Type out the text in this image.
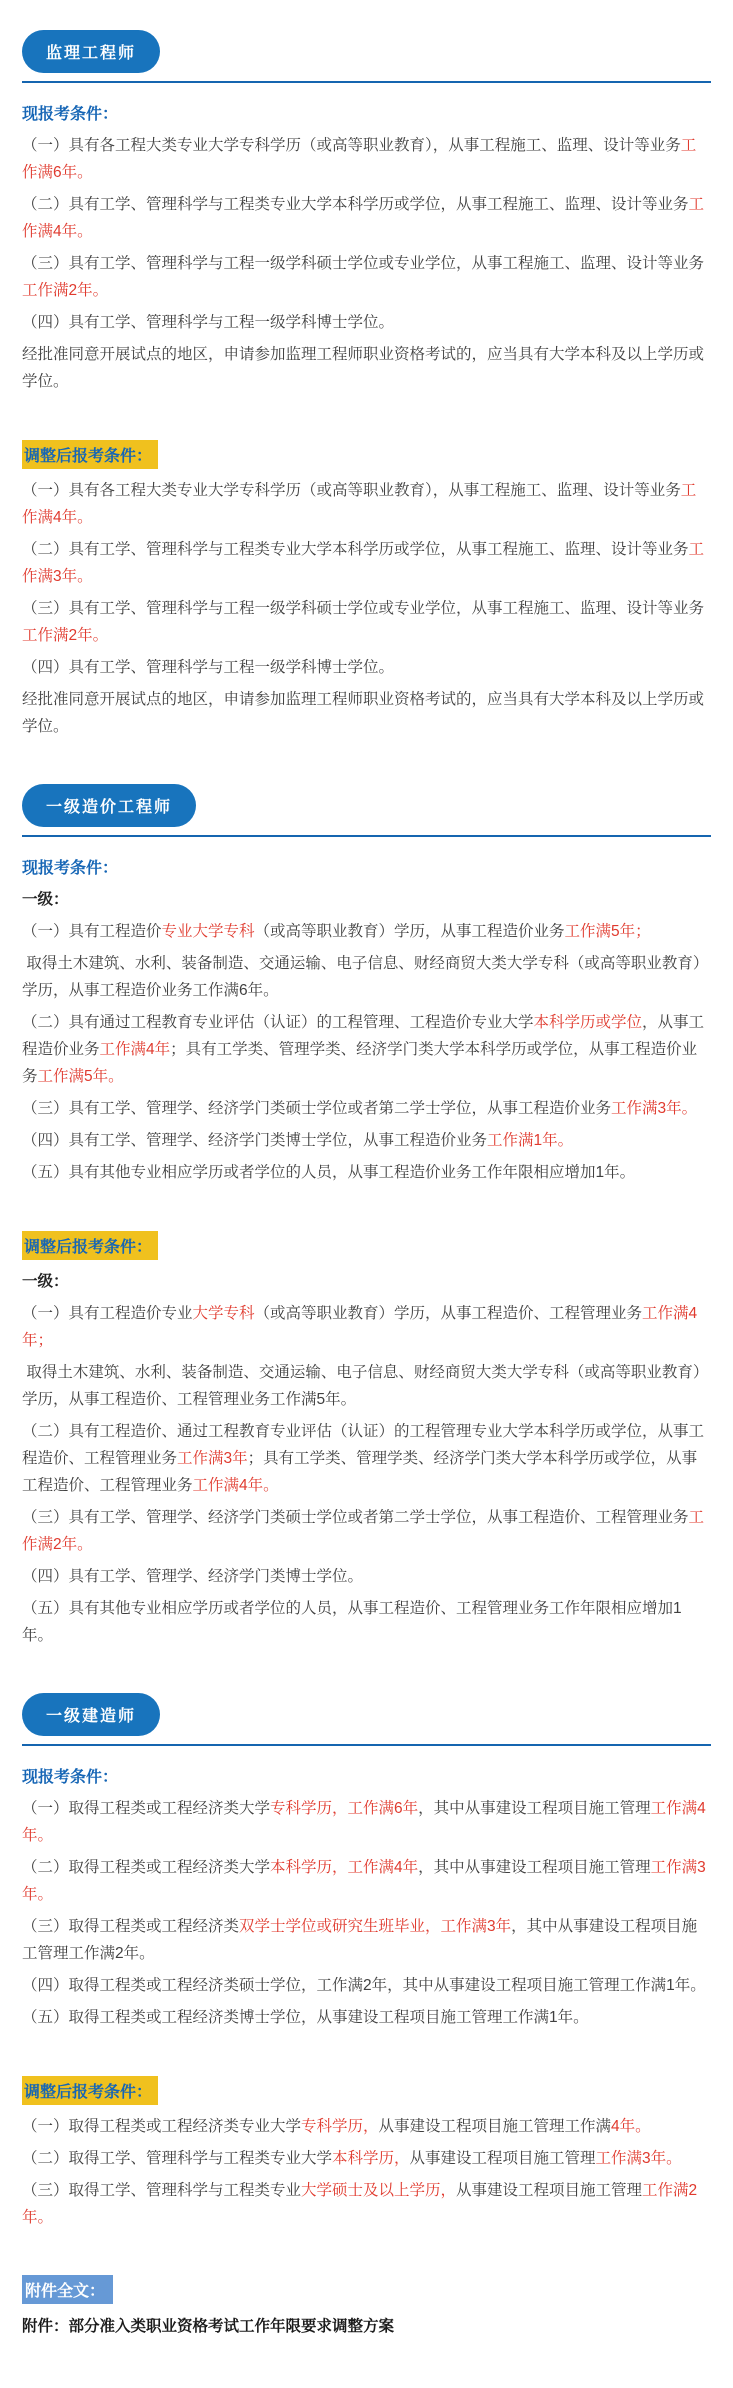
监理工程师
现报考条件：

（一）具有各工程大类专业大学专科学历（或高等职业教育），从事工程施工、监理、设计等业务工作满6年。

（二）具有工学、管理科学与工程类专业大学本科学历或学位，从事工程施工、监理、设计等业务工作满4年。

（三）具有工学、管理科学与工程一级学科硕士学位或专业学位，从事工程施工、监理、设计等业务工作满2年。

（四）具有工学、管理科学与工程一级学科博士学位。

经批准同意开展试点的地区，申请参加监理工程师职业资格考试的，应当具有大学本科及以上学历或学位。

调整后报考条件：

（一）具有各工程大类专业大学专科学历（或高等职业教育），从事工程施工、监理、设计等业务工作满4年。

（二）具有工学、管理科学与工程类专业大学本科学历或学位，从事工程施工、监理、设计等业务工作满3年。

（三）具有工学、管理科学与工程一级学科硕士学位或专业学位，从事工程施工、监理、设计等业务工作满2年。

（四）具有工学、管理科学与工程一级学科博士学位。

经批准同意开展试点的地区，申请参加监理工程师职业资格考试的，应当具有大学本科及以上学历或学位。

一级造价工程师
现报考条件：
一级：

（一）具有工程造价专业大学专科（或高等职业教育）学历，从事工程造价业务工作满5年；

取得土木建筑、水利、装备制造、交通运输、电子信息、财经商贸大类大学专科（或高等职业教育）学历，从事工程造价业务工作满6年。

（二）具有通过工程教育专业评估（认证）的工程管理、工程造价专业大学本科学历或学位，从事工程造价业务工作满4年；具有工学类、管理学类、经济学门类大学本科学历或学位，从事工程造价业务工作满5年。

（三）具有工学、管理学、经济学门类硕士学位或者第二学士学位，从事工程造价业务工作满3年。

（四）具有工学、管理学、经济学门类博士学位，从事工程造价业务工作满1年。

（五）具有其他专业相应学历或者学位的人员，从事工程造价业务工作年限相应增加1年。

调整后报考条件：
一级：

（一）具有工程造价专业大学专科（或高等职业教育）学历，从事工程造价、工程管理业务工作满4年；

取得土木建筑、水利、装备制造、交通运输、电子信息、财经商贸大类大学专科（或高等职业教育）学历，从事工程造价、工程管理业务工作满5年。

（二）具有工程造价、通过工程教育专业评估（认证）的工程管理专业大学本科学历或学位，从事工程造价、工程管理业务工作满3年；具有工学类、管理学类、经济学门类大学本科学历或学位，从事工程造价、工程管理业务工作满4年。

（三）具有工学、管理学、经济学门类硕士学位或者第二学士学位，从事工程造价、工程管理业务工作满2年。

（四）具有工学、管理学、经济学门类博士学位。

（五）具有其他专业相应学历或者学位的人员，从事工程造价、工程管理业务工作年限相应增加1年。

一级建造师
现报考条件：

（一）取得工程类或工程经济类大学专科学历，工作满6年，其中从事建设工程项目施工管理工作满4年。

（二）取得工程类或工程经济类大学本科学历，工作满4年，其中从事建设工程项目施工管理工作满3年。

（三）取得工程类或工程经济类双学士学位或研究生班毕业，工作满3年，其中从事建设工程项目施工管理工作满2年。

（四）取得工程类或工程经济类硕士学位，工作满2年，其中从事建设工程项目施工管理工作满1年。

（五）取得工程类或工程经济类博士学位，从事建设工程项目施工管理工作满1年。

调整后报考条件：

（一）取得工程类或工程经济类专业大学专科学历，从事建设工程项目施工管理工作满4年。

（二）取得工学、管理科学与工程类专业大学本科学历，从事建设工程项目施工管理工作满3年。

（三）取得工学、管理科学与工程类专业大学硕士及以上学历，从事建设工程项目施工管理工作满2年。

附件全文：
附件：部分准入类职业资格考试工作年限要求调整方案
